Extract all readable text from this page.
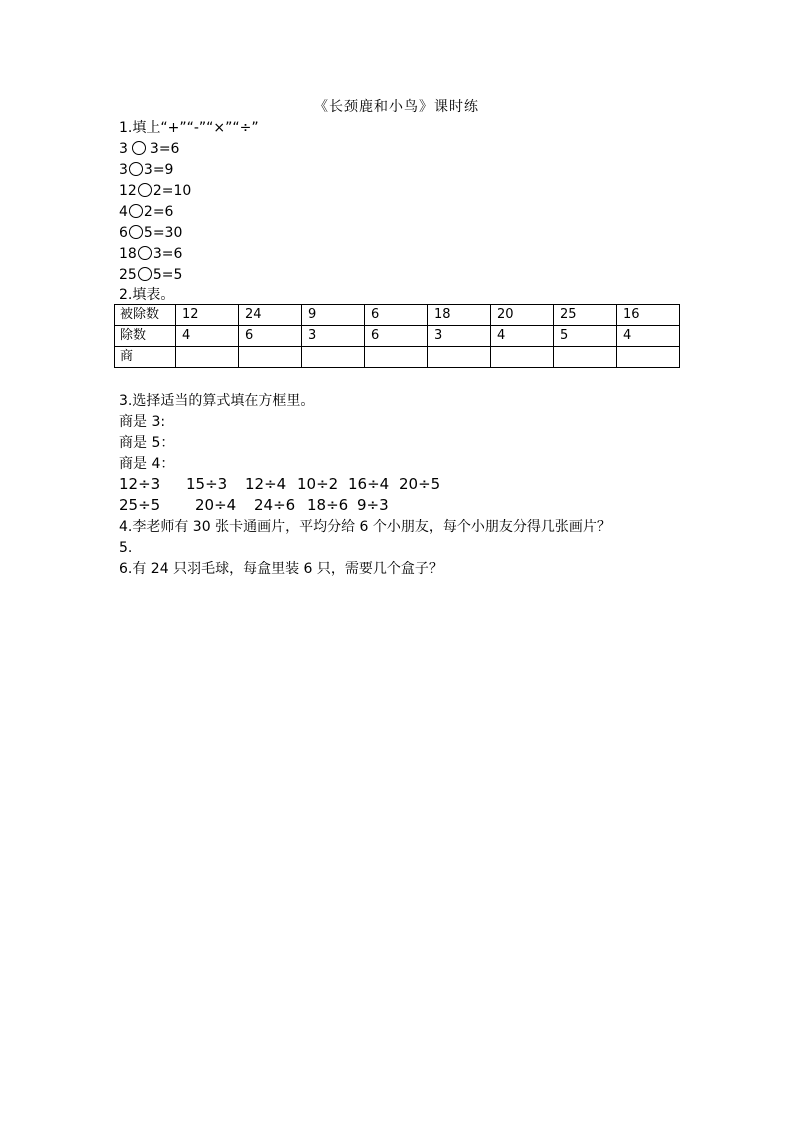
《长颈鹿和小鸟》课时练
1.填上“+”“-”“×”“÷”
3 3=6
3 3=9
12 2=10
4 2=6
6 5=30
18 3=6
25 5=5
2.填表。
被除数	12	24	9	6	18	20	25	16
除数	4	6	3	6	3	4	5	4
商								
3.选择适当的算式填在方框里。
商是 3:
商是 5：
商是 4：
12÷3 15÷3 12÷4 10÷2 16÷4 20÷5
25÷5 20÷4 24÷6 18÷6 9÷3
4.李老师有 30 张卡通画片，平均分给 6 个小朋友，每个小朋友分得几张画片？
5.
6.有 24 只羽毛球，每盒里装 6 只，需要几个盒子？
